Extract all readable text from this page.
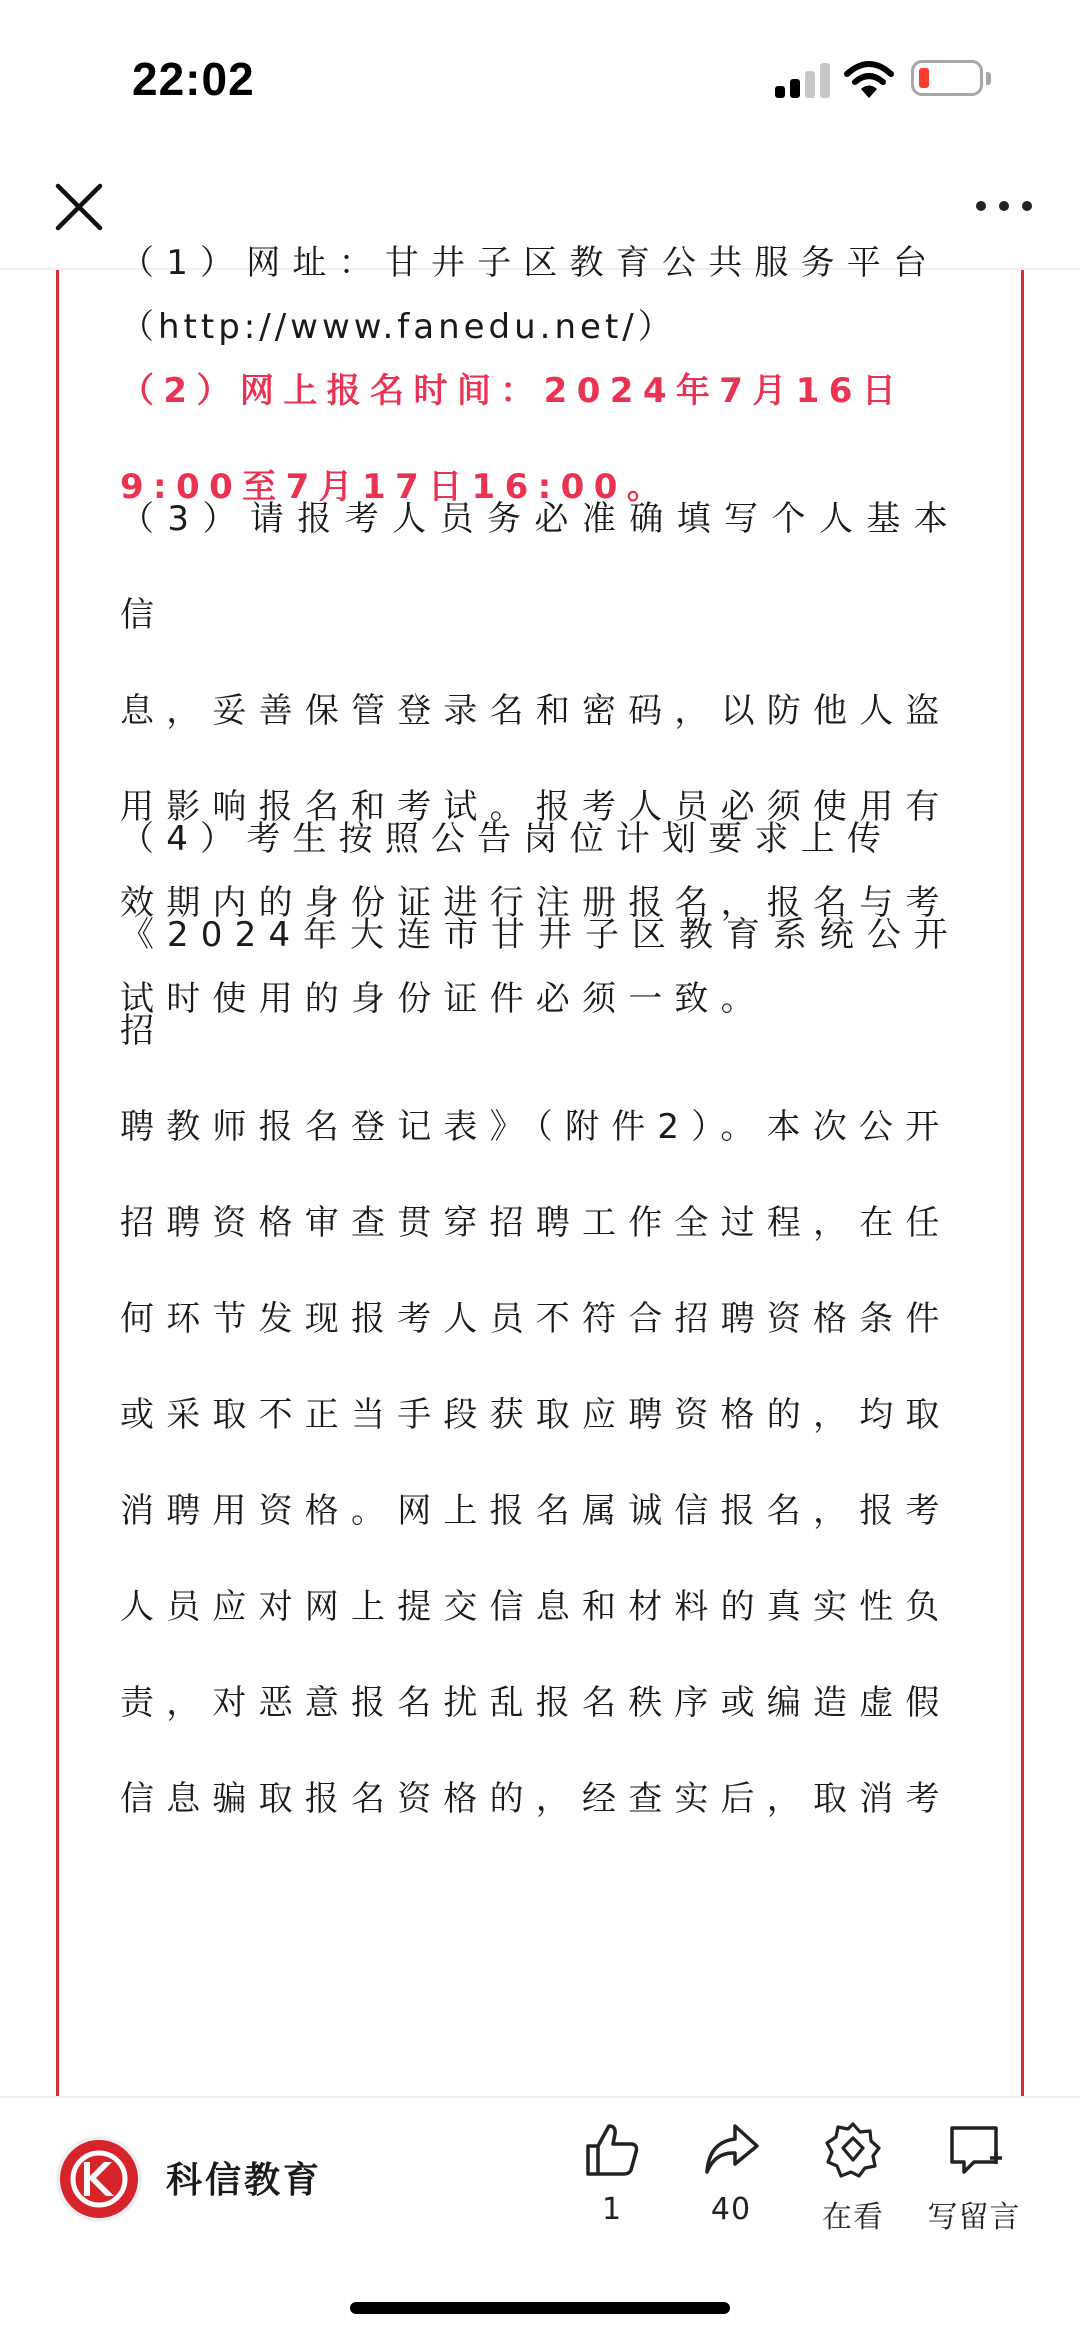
22:02
（1）网址：甘井子区教育公共服务平台
（http://www.fanedu.net/）
（2）网上报名时间：2024年7月16日
9:00至7月17日16:00。
（3）请报考人员务必准确填写个人基本信
息，妥善保管登录名和密码，以防他人盗
用影响报名和考试。报考人员必须使用有
效期内的身份证进行注册报名，报名与考
试时使用的身份证件必须一致。
（4）考生按照公告岗位计划要求上传
《2024年大连市甘井子区教育系统公开招
聘教师报名登记表》（附件2）。本次公开
招聘资格审查贯穿招聘工作全过程，在任
何环节发现报考人员不符合招聘资格条件
或采取不正当手段获取应聘资格的，均取
消聘用资格。网上报名属诚信报名，报考
人员应对网上提交信息和材料的真实性负
责，对恶意报名扰乱报名秩序或编造虚假
信息骗取报名资格的，经查实后，取消考
科信教育
1	40	在看	写留言
